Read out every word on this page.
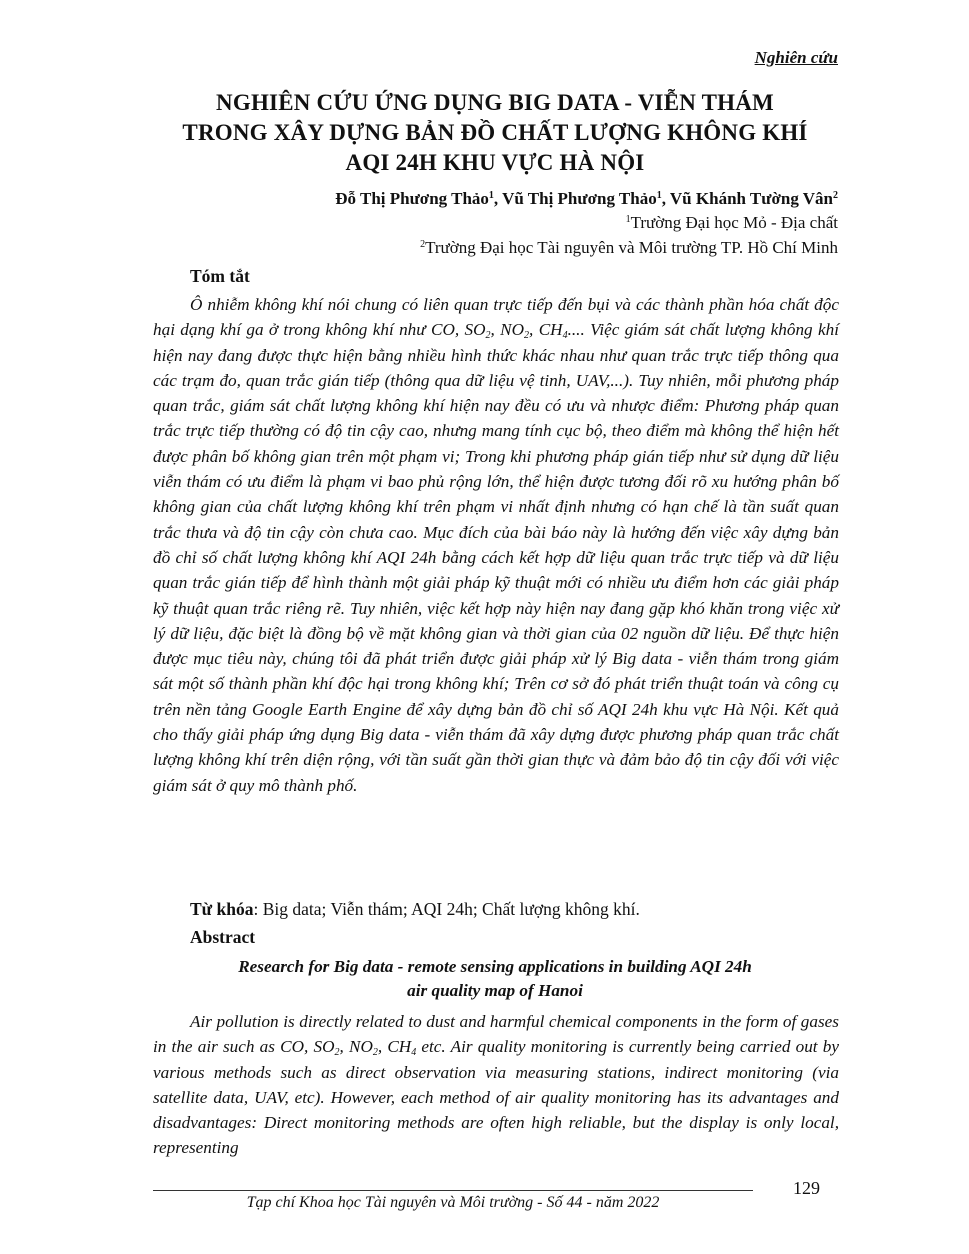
Nghiên cứu
NGHIÊN CỨU ỨNG DỤNG BIG DATA - VIỄN THÁM
TRONG XÂY DỰNG BẢN ĐỒ CHẤT LƯỢNG KHÔNG KHÍ
AQI 24H KHU VỰC HÀ NỘI
Đỗ Thị Phương Thảo$^1$, Vũ Thị Phương Thảo$^1$, Vũ Khánh Tường Vân$^2$
$^1$Trường Đại học Mỏ - Địa chất
$^2$Trường Đại học Tài nguyên và Môi trường TP. Hồ Chí Minh
Tóm tắt

Ô nhiễm không khí nói chung có liên quan trực tiếp đến bụi và các thành phần hóa chất độc hại dạng khí ga ở trong không khí như CO, $SO_2$, $NO_2$, $CH_4$.... Việc giám sát chất lượng không khí hiện nay đang được thực hiện bằng nhiều hình thức khác nhau như quan trắc trực tiếp thông qua các trạm đo, quan trắc gián tiếp (thông qua dữ liệu vệ tinh, UAV,...). Tuy nhiên, mỗi phương pháp quan trắc, giám sát chất lượng không khí hiện nay đều có ưu và nhược điểm: Phương pháp quan trắc trực tiếp thường có độ tin cậy cao, nhưng mang tính cục bộ, theo điểm mà không thể hiện hết được phân bố không gian trên một phạm vi; Trong khi phương pháp gián tiếp như sử dụng dữ liệu viễn thám có ưu điểm là phạm vi bao phủ rộng lớn, thể hiện được tương đối rõ xu hướng phân bố không gian của chất lượng không khí trên phạm vi nhất định nhưng có hạn chế là tần suất quan trắc thưa và độ tin cậy còn chưa cao. Mục đích của bài báo này là hướng đến việc xây dựng bản đồ chỉ số chất lượng không khí AQI 24h bằng cách kết hợp dữ liệu quan trắc trực tiếp và dữ liệu quan trắc gián tiếp để hình thành một giải pháp kỹ thuật mới có nhiều ưu điểm hơn các giải pháp kỹ thuật quan trắc riêng rẽ. Tuy nhiên, việc kết hợp này hiện nay đang gặp khó khăn trong việc xử lý dữ liệu, đặc biệt là đồng bộ về mặt không gian và thời gian của 02 nguồn dữ liệu. Để thực hiện được mục tiêu này, chúng tôi đã phát triển được giải pháp xử lý Big data - viễn thám trong giám sát một số thành phần khí độc hại trong không khí; Trên cơ sở đó phát triển thuật toán và công cụ trên nền tảng Google Earth Engine để xây dựng bản đồ chỉ số AQI 24h khu vực Hà Nội. Kết quả cho thấy giải pháp ứng dụng Big data - viễn thám đã xây dựng được phương pháp quan trắc chất lượng không khí trên diện rộng, với tần suất gần thời gian thực và đảm bảo độ tin cậy đối với việc giám sát ở quy mô thành phố.

Từ khóa: Big data; Viễn thám; AQI 24h; Chất lượng không khí.
Abstract
Research for Big data - remote sensing applications in building AQI 24h
air quality map of Hanoi

Air pollution is directly related to dust and harmful chemical components in the form of gases in the air such as CO, $SO_2$, $NO_2$, $CH_4$ etc. Air quality monitoring is currently being carried out by various methods such as direct observation via measuring stations, indirect monitoring (via satellite data, UAV, etc). However, each method of air quality monitoring has its advantages and disadvantages: Direct monitoring methods are often high reliable, but the display is only local, representing

129
Tạp chí Khoa học Tài nguyên và Môi trường - Số 44 - năm 2022
